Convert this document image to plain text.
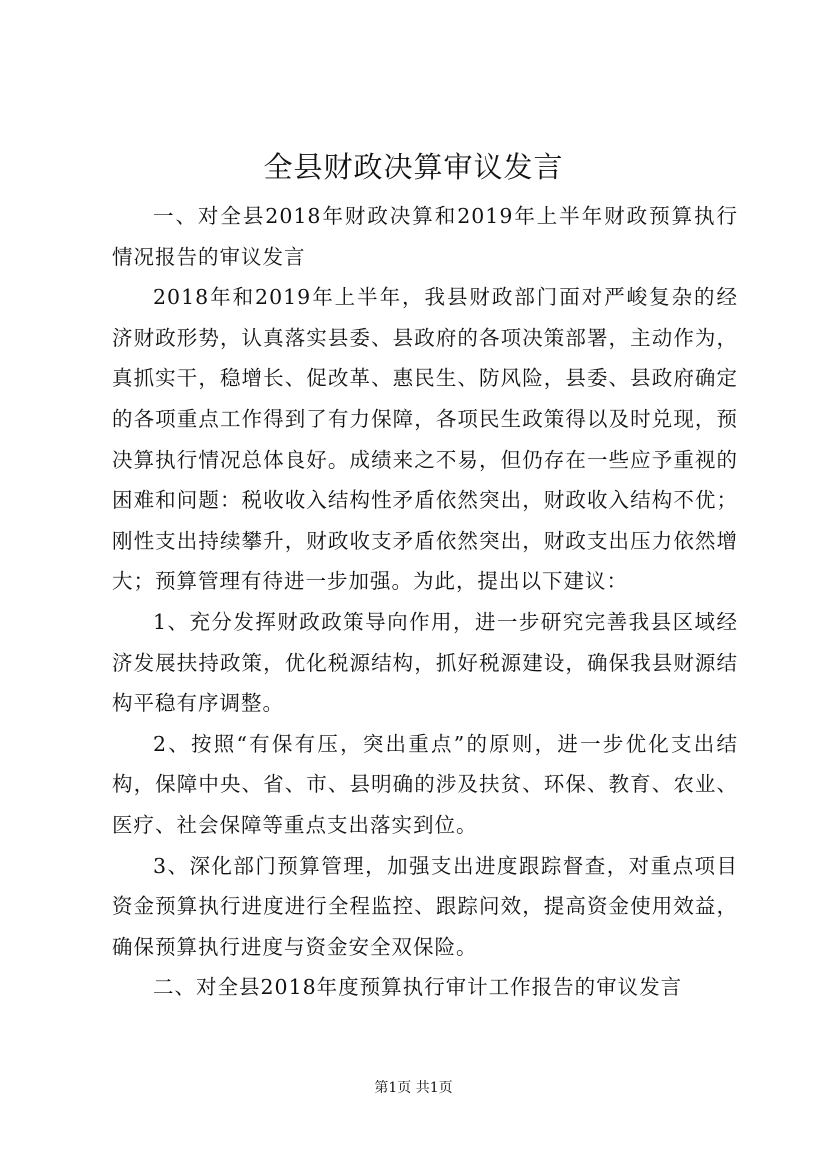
全县财政决算审议发言

一、对全县2018年财政决算和2019年上半年财政预算执行情况报告的审议发言

2018年和2019年上半年，我县财政部门面对严峻复杂的经济财政形势，认真落实县委、县政府的各项决策部署，主动作为，真抓实干，稳增长、促改革、惠民生、防风险，县委、县政府确定的各项重点工作得到了有力保障，各项民生政策得以及时兑现，预决算执行情况总体良好。成绩来之不易，但仍存在一些应予重视的困难和问题：税收收入结构性矛盾依然突出，财政收入结构不优；刚性支出持续攀升，财政收支矛盾依然突出，财政支出压力依然增大；预算管理有待进一步加强。为此，提出以下建议：

1、充分发挥财政政策导向作用，进一步研究完善我县区域经济发展扶持政策，优化税源结构，抓好税源建设，确保我县财源结构平稳有序调整。

2、按照“有保有压，突出重点”的原则，进一步优化支出结构，保障中央、省、市、县明确的涉及扶贫、环保、教育、农业、医疗、社会保障等重点支出落实到位。

3、深化部门预算管理，加强支出进度跟踪督查，对重点项目资金预算执行进度进行全程监控、跟踪问效，提高资金使用效益，确保预算执行进度与资金安全双保险。

二、对全县2018年度预算执行审计工作报告的审议发言

第1页 共1页
